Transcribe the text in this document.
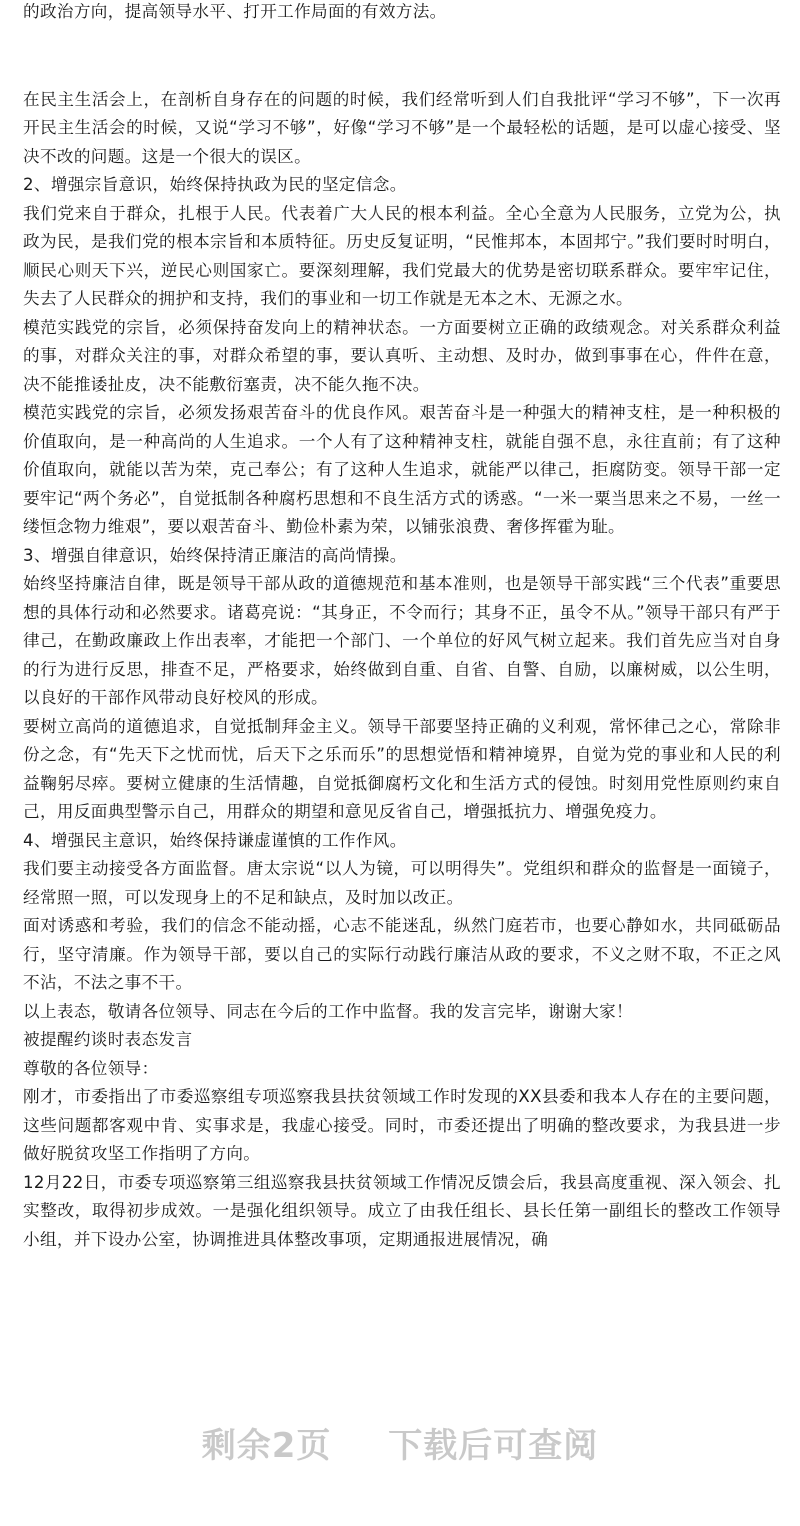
的政治方向，提高领导水平、打开工作局面的有效方法。

在民主生活会上，在剖析自身存在的问题的时候，我们经常听到人们自我批评“学习不够”，下一次再开民主生活会的时候，又说“学习不够”，好像“学习不够”是一个最轻松的话题，是可以虚心接受、坚决不改的问题。这是一个很大的误区。

2、增强宗旨意识，始终保持执政为民的坚定信念。

我们党来自于群众，扎根于人民。代表着广大人民的根本利益。全心全意为人民服务，立党为公，执政为民，是我们党的根本宗旨和本质特征。历史反复证明，“民惟邦本，本固邦宁。”我们要时时明白，顺民心则天下兴，逆民心则国家亡。要深刻理解，我们党最大的优势是密切联系群众。要牢牢记住，失去了人民群众的拥护和支持，我们的事业和一切工作就是无本之木、无源之水。

模范实践党的宗旨，必须保持奋发向上的精神状态。一方面要树立正确的政绩观念。对关系群众利益的事，对群众关注的事，对群众希望的事，要认真听、主动想、及时办，做到事事在心，件件在意，决不能推诿扯皮，决不能敷衍塞责，决不能久拖不决。

模范实践党的宗旨，必须发扬艰苦奋斗的优良作风。艰苦奋斗是一种强大的精神支柱，是一种积极的价值取向，是一种高尚的人生追求。一个人有了这种精神支柱，就能自强不息，永往直前；有了这种价值取向，就能以苦为荣，克己奉公；有了这种人生追求，就能严以律己，拒腐防变。领导干部一定要牢记“两个务必”，自觉抵制各种腐朽思想和不良生活方式的诱惑。“一米一粟当思来之不易，一丝一缕恒念物力维艰”，要以艰苦奋斗、勤俭朴素为荣，以铺张浪费、奢侈挥霍为耻。

3、增强自律意识，始终保持清正廉洁的高尚情操。

始终坚持廉洁自律，既是领导干部从政的道德规范和基本准则，也是领导干部实践“三个代表”重要思想的具体行动和必然要求。诸葛亮说：“其身正，不令而行；其身不正，虽令不从。”领导干部只有严于律己，在勤政廉政上作出表率，才能把一个部门、一个单位的好风气树立起来。我们首先应当对自身的行为进行反思，排查不足，严格要求，始终做到自重、自省、自警、自励，以廉树威，以公生明，以良好的干部作风带动良好校风的形成。

要树立高尚的道德追求，自觉抵制拜金主义。领导干部要坚持正确的义利观，常怀律己之心，常除非份之念，有“先天下之忧而忧，后天下之乐而乐”的思想觉悟和精神境界，自觉为党的事业和人民的利益鞠躬尽瘁。要树立健康的生活情趣，自觉抵御腐朽文化和生活方式的侵蚀。时刻用党性原则约束自己，用反面典型警示自己，用群众的期望和意见反省自己，增强抵抗力、增强免疫力。

4、增强民主意识，始终保持谦虚谨慎的工作作风。

我们要主动接受各方面监督。唐太宗说“以人为镜，可以明得失”。党组织和群众的监督是一面镜子，经常照一照，可以发现身上的不足和缺点，及时加以改正。

面对诱惑和考验，我们的信念不能动摇，心志不能迷乱，纵然门庭若市，也要心静如水，共同砥砺品行，坚守清廉。作为领导干部，要以自己的实际行动践行廉洁从政的要求，不义之财不取，不正之风不沾，不法之事不干。

以上表态，敬请各位领导、同志在今后的工作中监督。我的发言完毕，谢谢大家！

被提醒约谈时表态发言

尊敬的各位领导：

刚才，市委指出了市委巡察组专项巡察我县扶贫领域工作时发现的XX县委和我本人存在的主要问题，这些问题都客观中肯、实事求是，我虚心接受。同时，市委还提出了明确的整改要求，为我县进一步做好脱贫攻坚工作指明了方向。

12月22日，市委专项巡察第三组巡察我县扶贫领域工作情况反馈会后，我县高度重视、深入领会、扎实整改，取得初步成效。一是强化组织领导。成立了由我任组长、县长任第一副组长的整改工作领导小组，并下设办公室，协调推进具体整改事项，定期通报进展情况，确

剩余2页 下载后可查阅
